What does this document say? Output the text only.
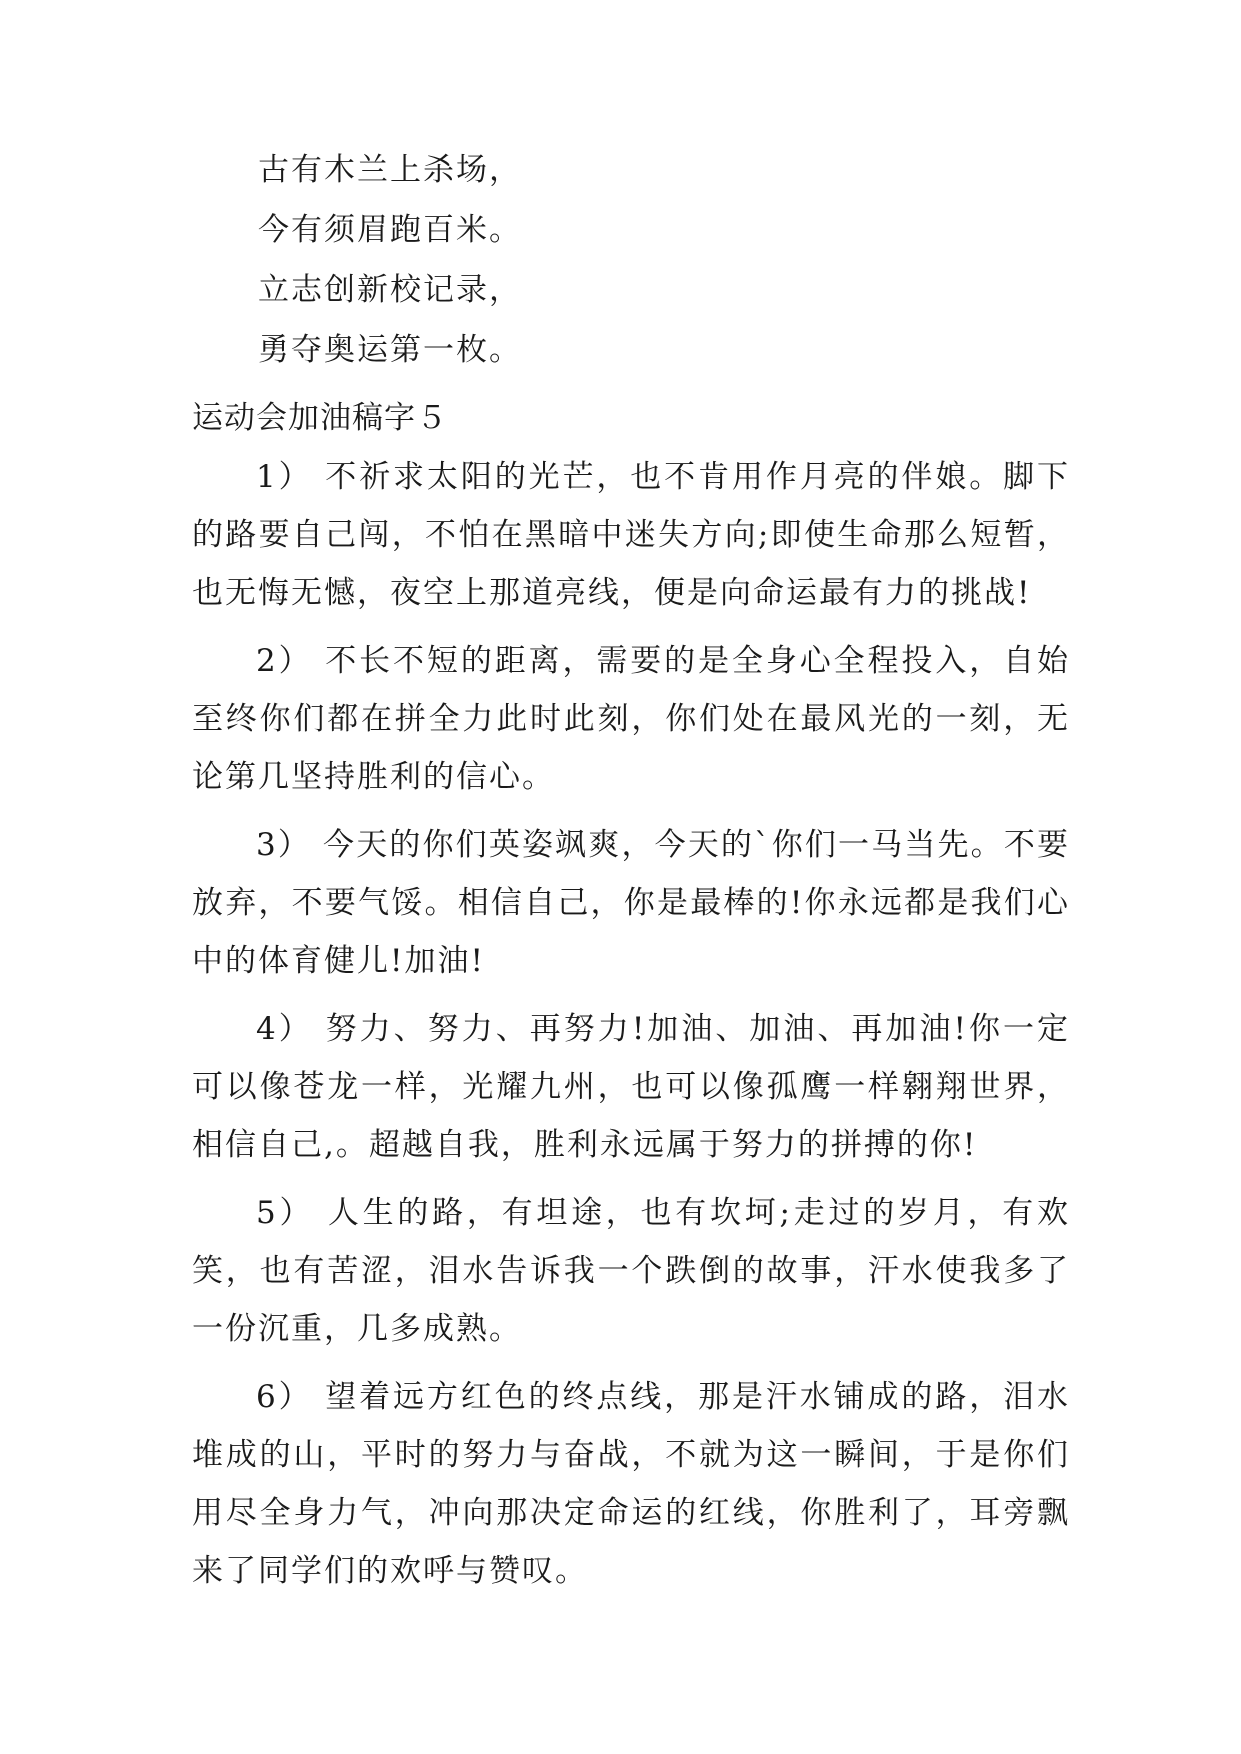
古有木兰上杀场，
今有须眉跑百米。
立志创新校记录，
勇夺奥运第一枚。
运动会加油稿字５

1） 不祈求太阳的光芒，也不肯用作月亮的伴娘。脚下的路要自己闯，不怕在黑暗中迷失方向;即使生命那么短暂，也无悔无憾，夜空上那道亮线，便是向命运最有力的挑战!

2） 不长不短的距离，需要的是全身心全程投入，自始至终你们都在拼全力此时此刻，你们处在最风光的一刻，无论第几坚持胜利的信心。

3） 今天的你们英姿飒爽，今天的`你们一马当先。不要放弃，不要气馁。相信自己，你是最棒的!你永远都是我们心中的体育健儿!加油!

4） 努力、努力、再努力!加油、加油、再加油!你一定可以像苍龙一样，光耀九州，也可以像孤鹰一样翱翔世界，相信自己,。超越自我，胜利永远属于努力的拼搏的你!

5） 人生的路，有坦途，也有坎坷;走过的岁月，有欢笑，也有苦涩，泪水告诉我一个跌倒的故事，汗水使我多了一份沉重，几多成熟。

6） 望着远方红色的终点线，那是汗水铺成的路，泪水堆成的山，平时的努力与奋战，不就为这一瞬间，于是你们用尽全身力气，冲向那决定命运的红线，你胜利了，耳旁飘来了同学们的欢呼与赞叹。
